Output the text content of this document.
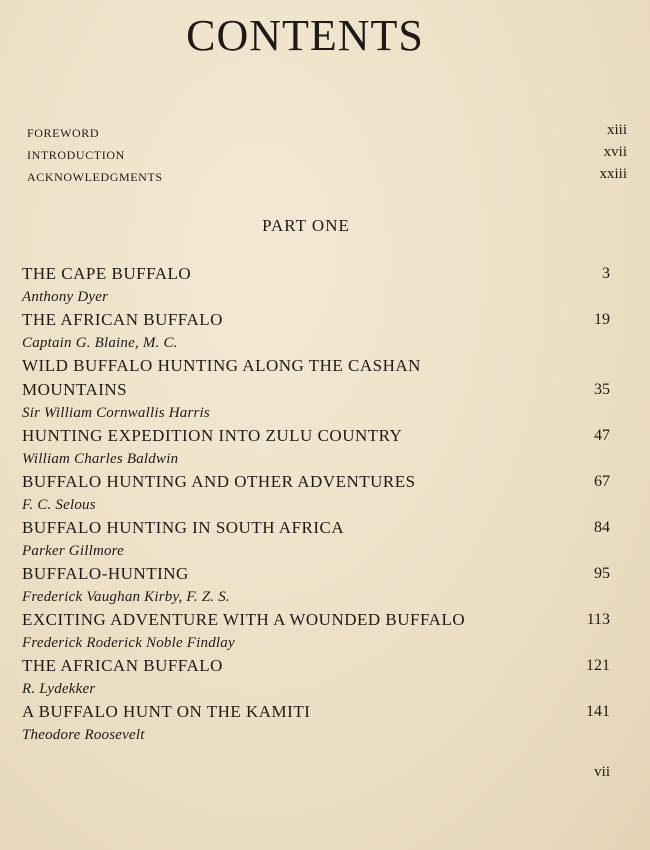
CONTENTS
FOREWORD	xiii
INTRODUCTION	xvii
ACKNOWLEDGMENTS	xxiii
PART ONE
THE CAPE BUFFALO	3
Anthony Dyer
THE AFRICAN BUFFALO	19
Captain G. Blaine, M. C.
WILD BUFFALO HUNTING ALONG THE CASHAN
MOUNTAINS	35
Sir William Cornwallis Harris
HUNTING EXPEDITION INTO ZULU COUNTRY	47
William Charles Baldwin
BUFFALO HUNTING AND OTHER ADVENTURES	67
F. C. Selous
BUFFALO HUNTING IN SOUTH AFRICA	84
Parker Gillmore
BUFFALO-HUNTING	95
Frederick Vaughan Kirby, F. Z. S.
EXCITING ADVENTURE WITH A WOUNDED BUFFALO	113
Frederick Roderick Noble Findlay
THE AFRICAN BUFFALO	121
R. Lydekker
A BUFFALO HUNT ON THE KAMITI	141
Theodore Roosevelt
vii
